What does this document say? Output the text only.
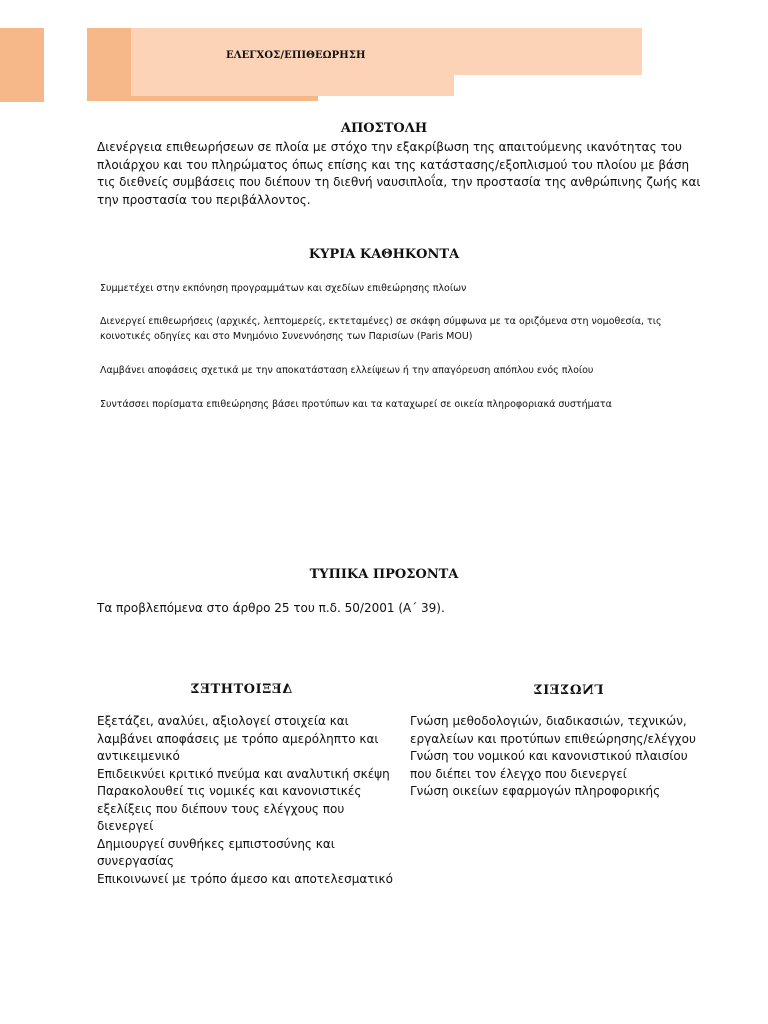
ΕΛΕΓΧΟΣ/ΕΠΙΘΕΩΡΗΣΗ
ΑΠΟΣΤΟΛΗ

Διενέργεια επιθεωρήσεων σε πλοία με στόχο την εξακρίβωση της απαιτούμενης ικανότητας του πλοιάρχου και του πληρώματος όπως επίσης και της κατάστασης/εξοπλισμού του πλοίου με βάση τις διεθνείς συμβάσεις που διέπουν τη διεθνή ναυσιπλοΐα, την προστασία της ανθρώπινης ζωής και την προστασία του περιβάλλοντος.

ΚΥΡΙΑ ΚΑΘΗΚΟΝΤΑ

Συμμετέχει στην εκπόνηση προγραμμάτων και σχεδίων επιθεώρησης πλοίων

Διενεργεί επιθεωρήσεις (αρχικές, λεπτομερείς, εκτεταμένες) σε σκάφη σύμφωνα με τα οριζόμενα στη νομοθεσία, τις κοινοτικές οδηγίες και στο Μνημόνιο Συνεννόησης των Παρισίων (Paris MOU)

Λαμβάνει αποφάσεις σχετικά με την αποκατάσταση ελλείψεων ή την απαγόρευση απόπλου ενός πλοίου

Συντάσσει πορίσματα επιθεώρησης βάσει προτύπων και τα καταχωρεί σε οικεία πληροφοριακά συστήματα

ΤΥΠΙΚΑ ΠΡΟΣΟΝΤΑ

Τα προβλεπόμενα στο άρθρο 25 του π.δ. 50/2001 (Α΄ 39).

ΔΕΞΙΟΤΗΤΕΣ
Εξετάζει, αναλύει, αξιολογεί στοιχεία και λαμβάνει αποφάσεις με τρόπο αμερόληπτο και αντικειμενικό
Επιδεικνύει κριτικό πνεύμα και αναλυτική σκέψη
Παρακολουθεί τις νομικές και κανονιστικές εξελίξεις που διέπουν τους ελέγχους που διενεργεί
Δημιουργεί συνθήκες εμπιστοσύνης και συνεργασίας
Επικοινωνεί με τρόπο άμεσο και αποτελεσματικό
ΓΝΩΣΕΙΣ
Γνώση μεθοδολογιών, διαδικασιών, τεχνικών, εργαλείων και προτύπων επιθεώρησης/ελέγχου
Γνώση του νομικού και κανονιστικού πλαισίου που διέπει τον έλεγχο που διενεργεί
Γνώση οικείων εφαρμογών πληροφορικής
